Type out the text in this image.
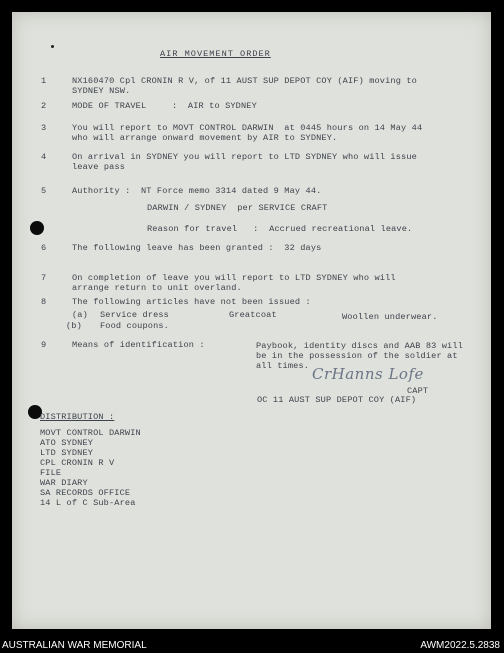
AIR MOVEMENT ORDER
1	NX160470 Cpl CRONIN R V, of 11 AUST SUP DEPOT COY (AIF) moving to
SYDNEY NSW.
2	MODE OF TRAVEL	:  AIR to SYDNEY
3	You will report to MOVT CONTROL DARWIN  at 0445 hours on 14 May 44
who will arrange onward movement by AIR to SYDNEY.
4	On arrival in SYDNEY you will report to LTD SYDNEY who will issue
leave pass
5	Authority :  NT Force memo 3314 dated 9 May 44.
DARWIN / SYDNEY  per SERVICE CRAFT
Reason for travel   :  Accrued recreational leave.
6	The following leave has been granted :  32 days
7	On completion of leave you will report to LTD SYDNEY who will
arrange return to unit overland.
8	The following articles have not been issued :
(a) Service dress	Greatcoat	Woollen underwear.
(b) Food coupons.
9	Means of identification :	Paybook, identity discs and AAB 83 will
be in the possession of the soldier at
all times. CrHanns Lofe
CAPT
OC 11 AUST SUP DEPOT COY (AIF)
DISTRIBUTION :
MOVT CONTROL DARWIN
ATO SYDNEY
LTD SYDNEY
CPL CRONIN R V
FILE
WAR DIARY
SA RECORDS OFFICE
14 L of C Sub-Area
AUSTRALIAN WAR MEMORIAL	AWM2022.5.2838
